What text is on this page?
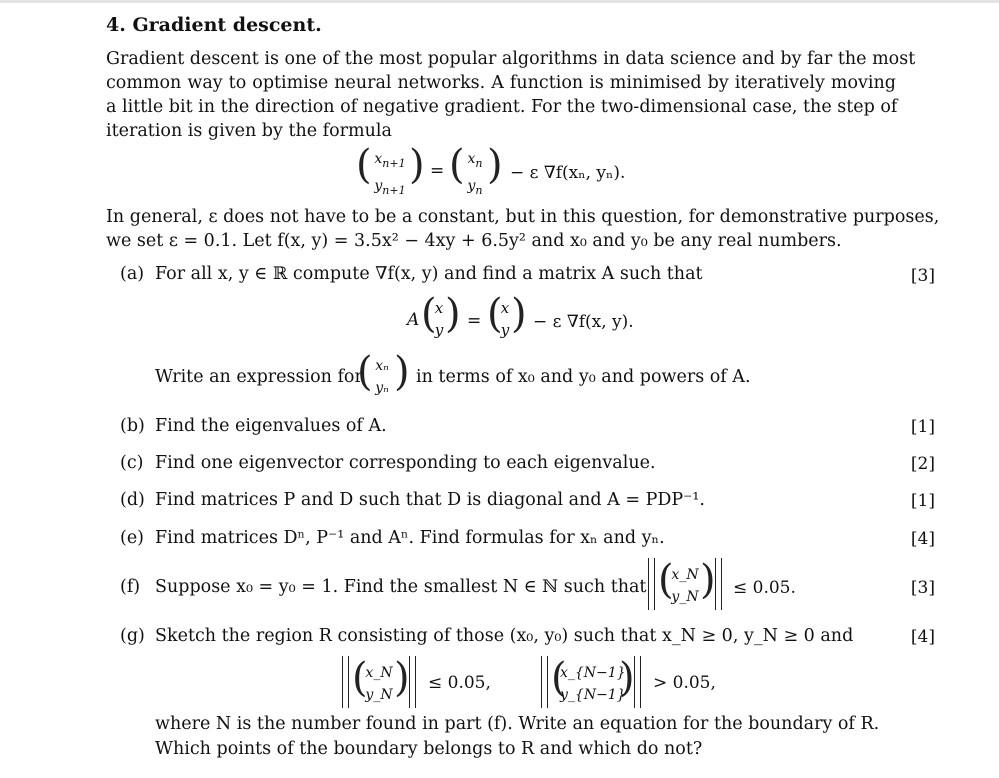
4. Gradient descent.
Gradient descent is one of the most popular algorithms in data science and by far the most
common way to optimise neural networks. A function is minimised by iteratively moving
a little bit in the direction of negative gradient. For the two-dimensional case, the step of
iteration is given by the formula
( $x_{n+1}$
$y_{n+1}$
) = ( $x_n$
$y_n$
) − ε ∇f(xₙ, yₙ).
In general, ε does not have to be a constant, but in this question, for demonstrative purposes,
we set ε = 0.1. Let f(x, y) = 3.5x² − 4xy + 6.5y² and x₀ and y₀ be any real numbers.
(a) For all x, y ∈ ℝ compute ∇f(x, y) and find a matrix A such that	[3]
A (
x
y ) = (
x
y ) − ε ∇f(x, y).
Write an expression for
( xₙ
yₙ ) in terms of x₀ and y₀ and powers of A.
(b) Find the eigenvalues of A.	[1]
(c) Find one eigenvector corresponding to each eigenvalue.	[2]
(d) Find matrices P and D such that D is diagonal and A = PDP⁻¹.	[1]
(e) Find matrices Dⁿ, P⁻¹ and Aⁿ. Find formulas for xₙ and yₙ.	[4]
(f) Suppose x₀ = y₀ = 1. Find the smallest N ∈ ℕ such that (
x_N
y_N ) ≤ 0.05.	[3]
(g) Sketch the region R consisting of those (x₀, y₀) such that x_N ≥ 0, y_N ≥ 0 and	[4]
(
x_N
y_N ) ≤ 0.05, (
x_{N−1}
y_{N−1}
) > 0.05,
where N is the number found in part (f). Write an equation for the boundary of R.
Which points of the boundary belongs to R and which do not?
